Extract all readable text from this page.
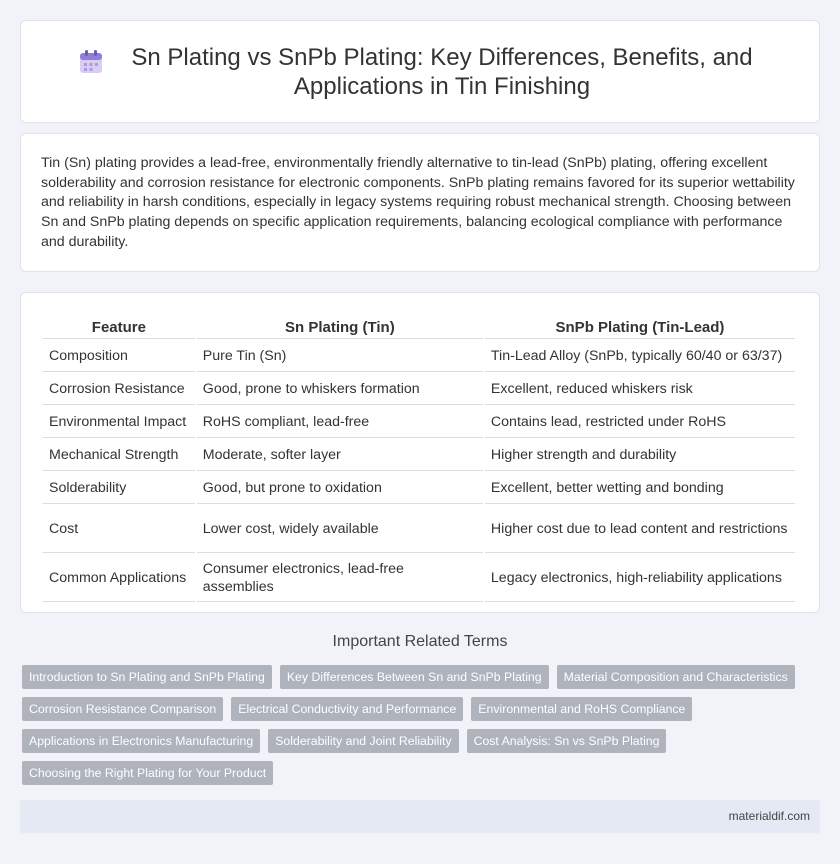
Sn Plating vs SnPb Plating: Key Differences, Benefits, and Applications in Tin Finishing

Tin (Sn) plating provides a lead-free, environmentally friendly alternative to tin-lead (SnPb) plating, offering excellent solderability and corrosion resistance for electronic components. SnPb plating remains favored for its superior wettability and reliability in harsh conditions, especially in legacy systems requiring robust mechanical strength. Choosing between Sn and SnPb plating depends on specific application requirements, balancing ecological compliance with performance and durability.

Feature	Sn Plating (Tin)	SnPb Plating (Tin-Lead)
Composition	Pure Tin (Sn)	Tin-Lead Alloy (SnPb, typically 60/40 or 63/37)
Corrosion Resistance	Good, prone to whiskers formation	Excellent, reduced whiskers risk
Environmental Impact	RoHS compliant, lead-free	Contains lead, restricted under RoHS
Mechanical Strength	Moderate, softer layer	Higher strength and durability
Solderability	Good, but prone to oxidation	Excellent, better wetting and bonding
Cost	Lower cost, widely available	Higher cost due to lead content and restrictions
Common Applications	Consumer electronics, lead-free assemblies	Legacy electronics, high-reliability applications
Important Related Terms
Introduction to Sn Plating and SnPb Plating	Key Differences Between Sn and SnPb Plating	Material Composition and Characteristics
Corrosion Resistance Comparison	Electrical Conductivity and Performance	Environmental and RoHS Compliance
Applications in Electronics Manufacturing	Solderability and Joint Reliability	Cost Analysis: Sn vs SnPb Plating
Choosing the Right Plating for Your Product
materialdif.com
